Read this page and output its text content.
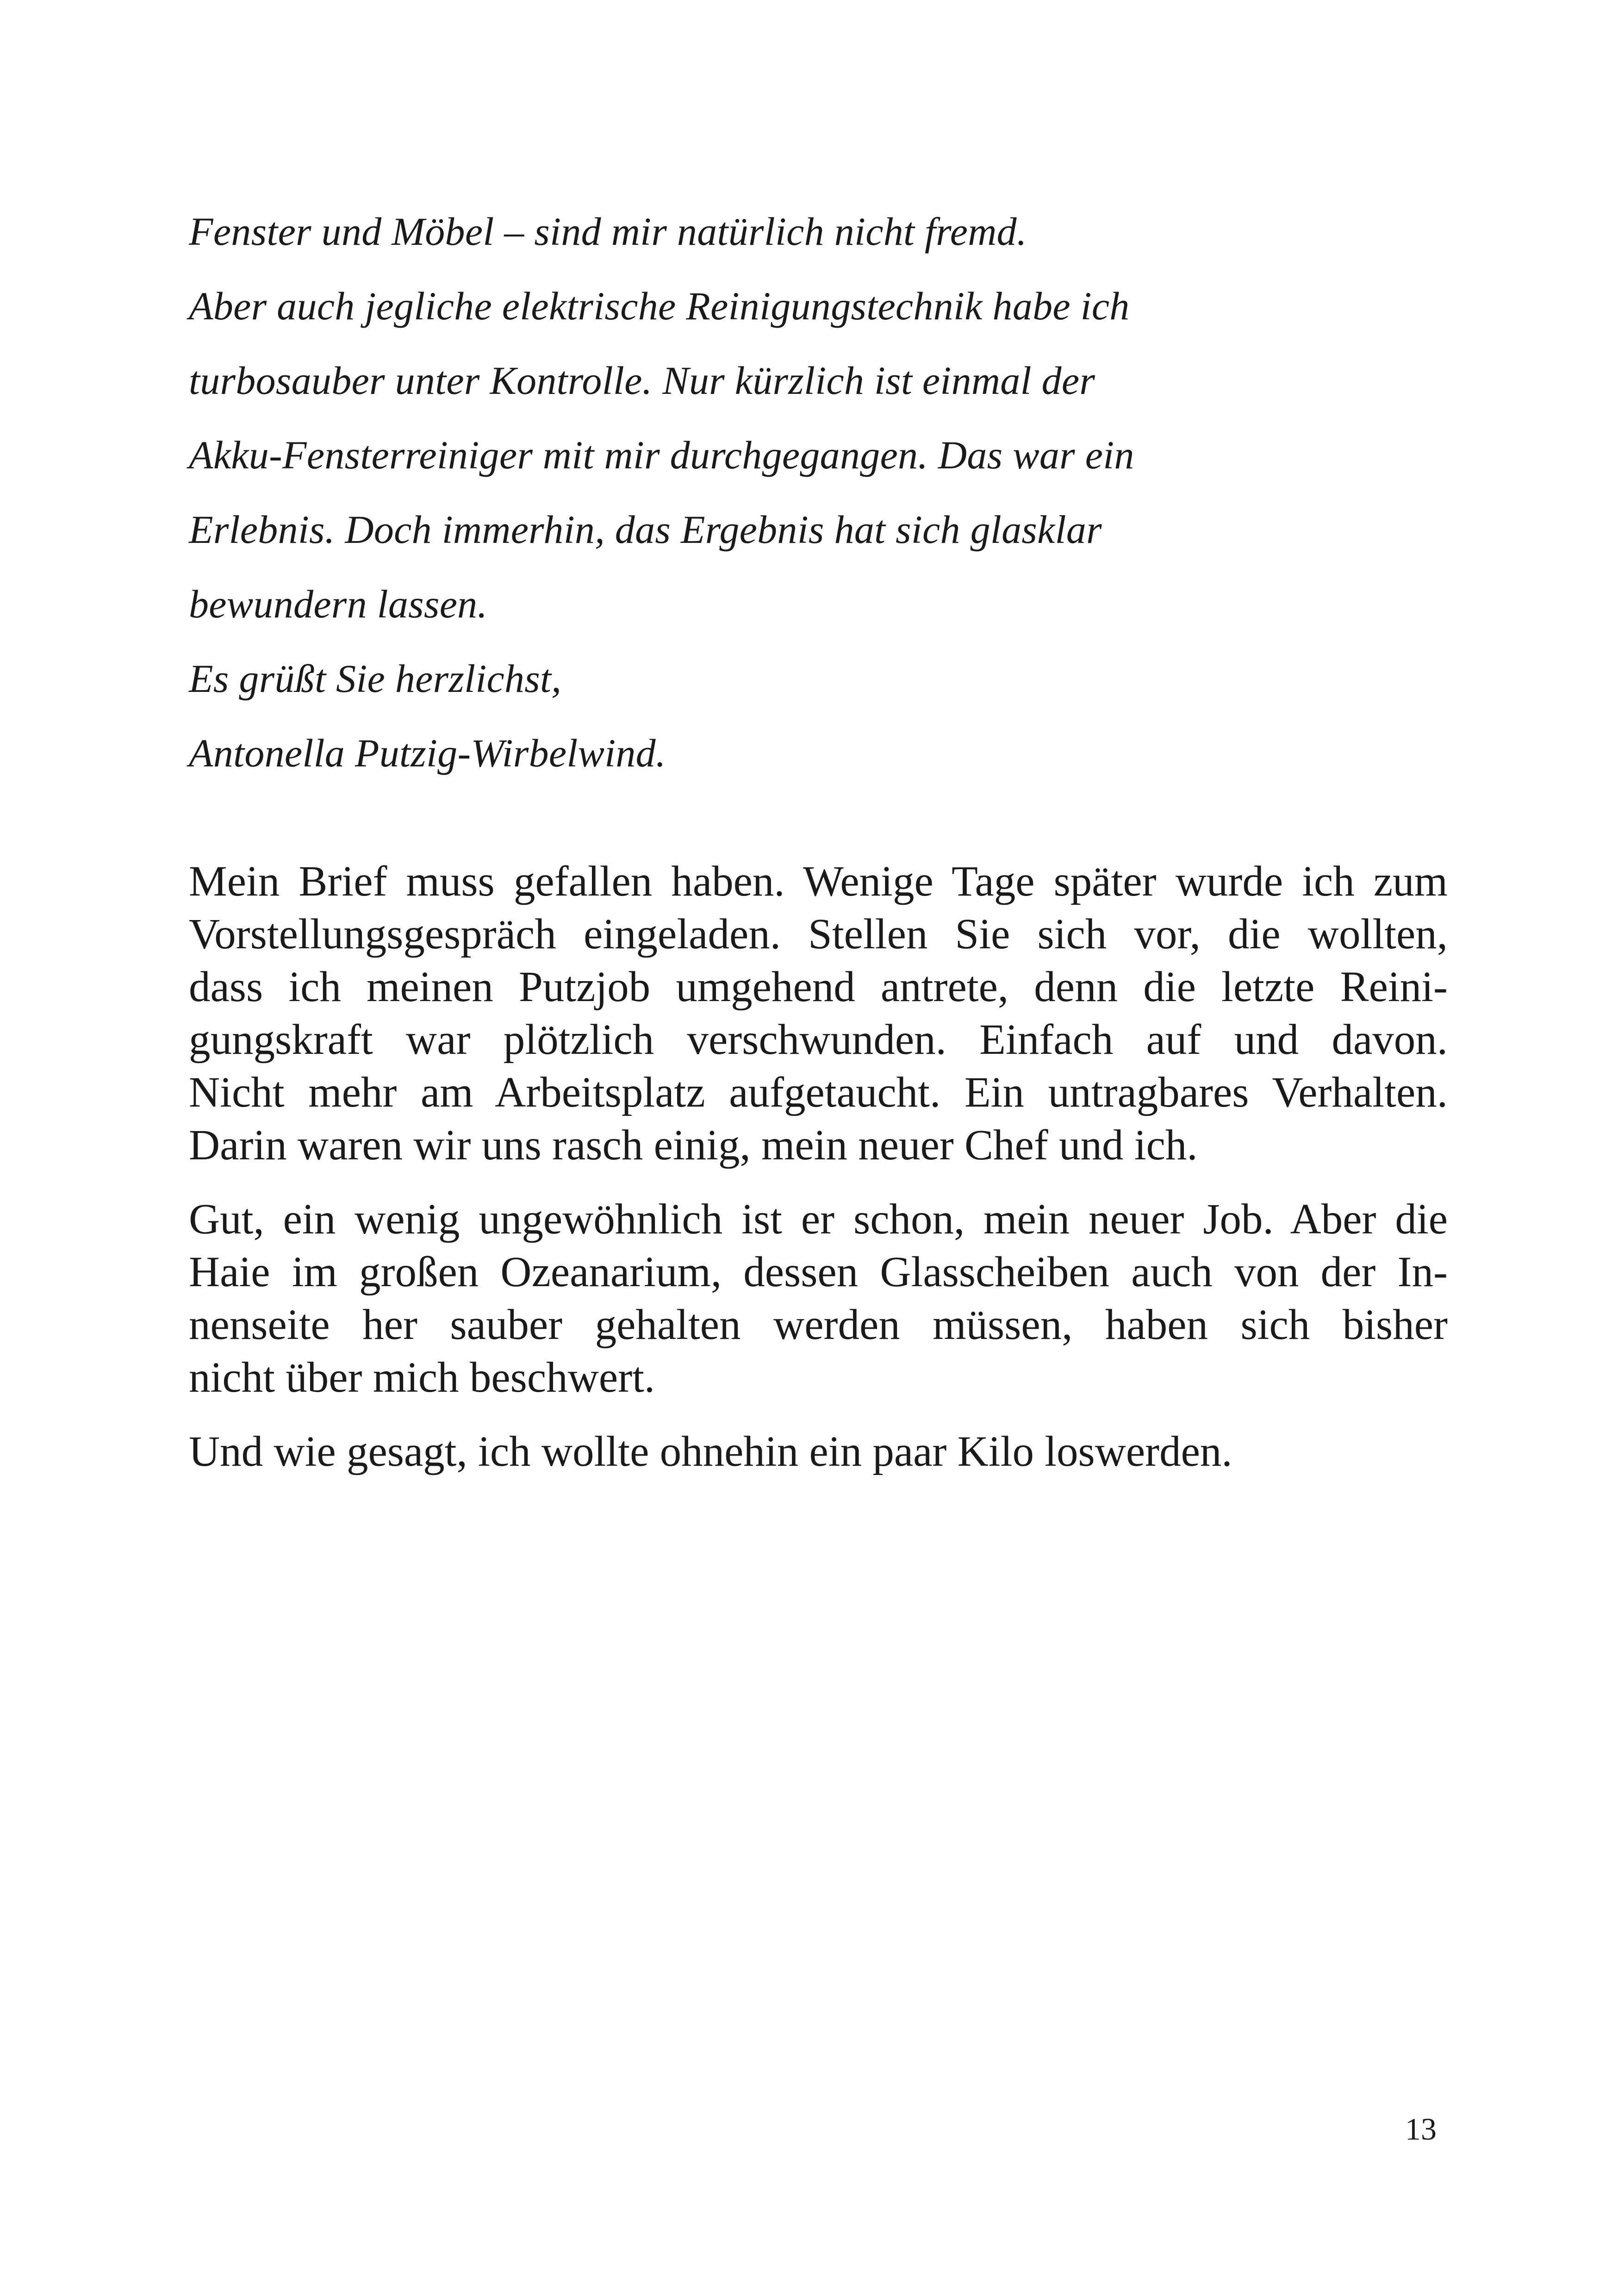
Fenster und Möbel – sind mir natürlich nicht fremd.
Aber auch jegliche elektrische Reinigungstechnik habe ich
turbosauber unter Kontrolle. Nur kürzlich ist einmal der
Akku-Fensterreiniger mit mir durchgegangen. Das war ein
Erlebnis. Doch immerhin, das Ergebnis hat sich glasklar
bewundern lassen.
Es grüßt Sie herzlichst,
Antonella Putzig-Wirbelwind.

Mein Brief muss gefallen haben. Wenige Tage später wurde ich zum
Vorstellungsgespräch eingeladen. Stellen Sie sich vor, die wollten,
dass ich meinen Putzjob umgehend antrete, denn die letzte Reini-
gungskraft war plötzlich verschwunden. Einfach auf und davon.
Nicht mehr am Arbeitsplatz aufgetaucht. Ein untragbares Verhalten.
Darin waren wir uns rasch einig, mein neuer Chef und ich.

Gut, ein wenig ungewöhnlich ist er schon, mein neuer Job. Aber die
Haie im großen Ozeanarium, dessen Glasscheiben auch von der In-
nenseite her sauber gehalten werden müssen, haben sich bisher
nicht über mich beschwert.

Und wie gesagt, ich wollte ohnehin ein paar Kilo loswerden.

13
